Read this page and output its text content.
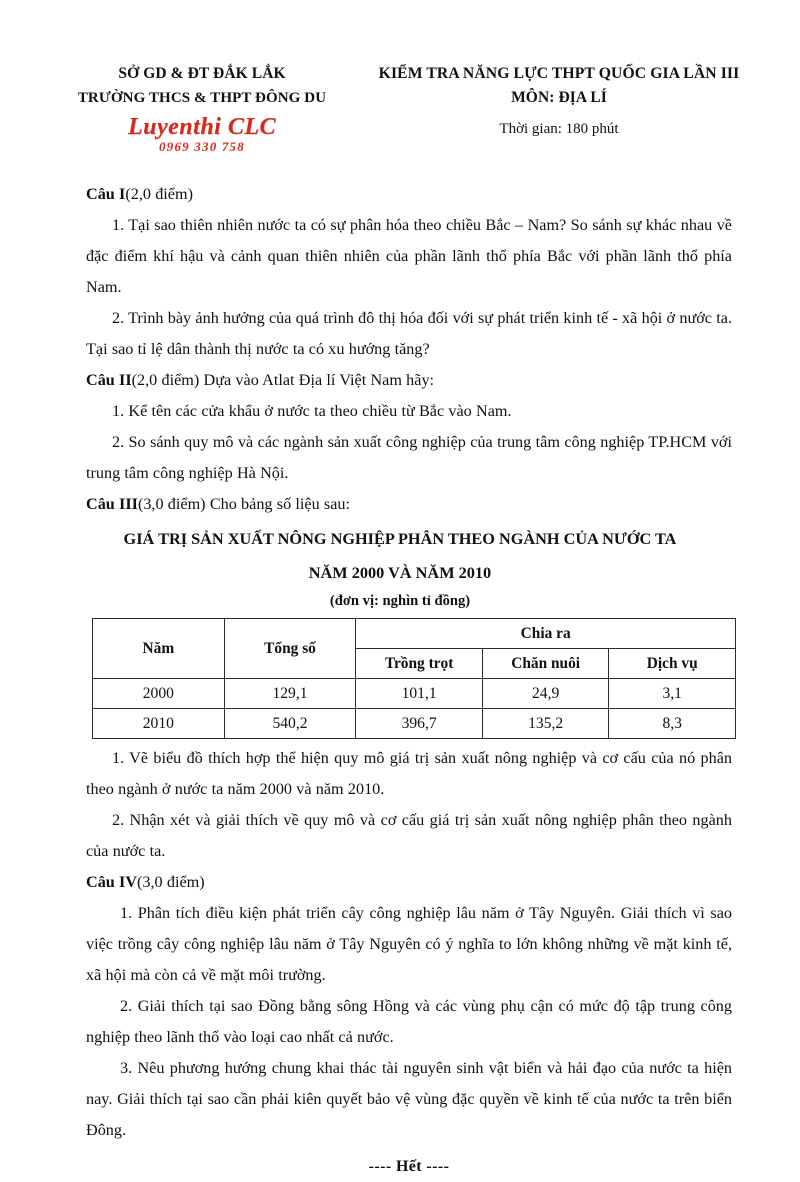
SỞ GD & ĐT ĐẮK LẮK
TRƯỜNG THCS & THPT ĐÔNG DU
Luyenthi CLC
0969 330 758
KIỂM TRA NĂNG LỰC THPT QUỐC GIA LẦN III
MÔN: ĐỊA LÍ
Thời gian: 180 phút

Câu I(2,0 điểm)

1. Tại sao thiên nhiên nước ta có sự phân hóa theo chiều Bắc – Nam? So sánh sự khác nhau về đặc điểm khí hậu và cảnh quan thiên nhiên của phần lãnh thổ phía Bắc với phần lãnh thổ phía Nam.

2. Trình bày ảnh hưởng của quá trình đô thị hóa đối với sự phát triển kinh tế - xã hội ở nước ta. Tại sao tỉ lệ dân thành thị nước ta có xu hướng tăng?

Câu II(2,0 điểm) Dựa vào Atlat Địa lí Việt Nam hãy:

1. Kể tên các cửa khẩu ở nước ta theo chiều từ Bắc vào Nam.

2. So sánh quy mô và các ngành sản xuất công nghiệp của trung tâm công nghiệp TP.HCM với trung tâm công nghiệp Hà Nội.

Câu III(3,0 điểm) Cho bảng số liệu sau:

GIÁ TRỊ SẢN XUẤT NÔNG NGHIỆP PHÂN THEO NGÀNH CỦA NƯỚC TA
NĂM 2000 VÀ NĂM 2010
(đơn vị: nghìn tỉ đồng)
Năm	Tổng số	Chia ra		
		Trồng trọt	Chăn nuôi	Dịch vụ
2000	129,1	101,1	24,9	3,1
2010	540,2	396,7	135,2	8,3

1. Vẽ biểu đồ thích hợp thể hiện quy mô giá trị sản xuất nông nghiệp và cơ cấu của nó phân theo ngành ở nước ta năm 2000 và năm 2010.

2. Nhận xét và giải thích về quy mô và cơ cấu giá trị sản xuất nông nghiệp phân theo ngành của nước ta.

Câu IV(3,0 điểm)

1. Phân tích điều kiện phát triển cây công nghiệp lâu năm ở Tây Nguyên. Giải thích vì sao việc trồng cây công nghiệp lâu năm ở Tây Nguyên có ý nghĩa to lớn không những về mặt kinh tế, xã hội mà còn cả về mặt môi trường.

2. Giải thích tại sao Đồng bằng sông Hồng và các vùng phụ cận có mức độ tập trung công nghiệp theo lãnh thổ vào loại cao nhất cả nước.

3. Nêu phương hướng chung khai thác tài nguyên sinh vật biển và hải đạo của nước ta hiện nay. Giải thích tại sao cần phải kiên quyết bảo vệ vùng đặc quyền về kinh tế của nước ta trên biển Đông.

---- Hết ----
